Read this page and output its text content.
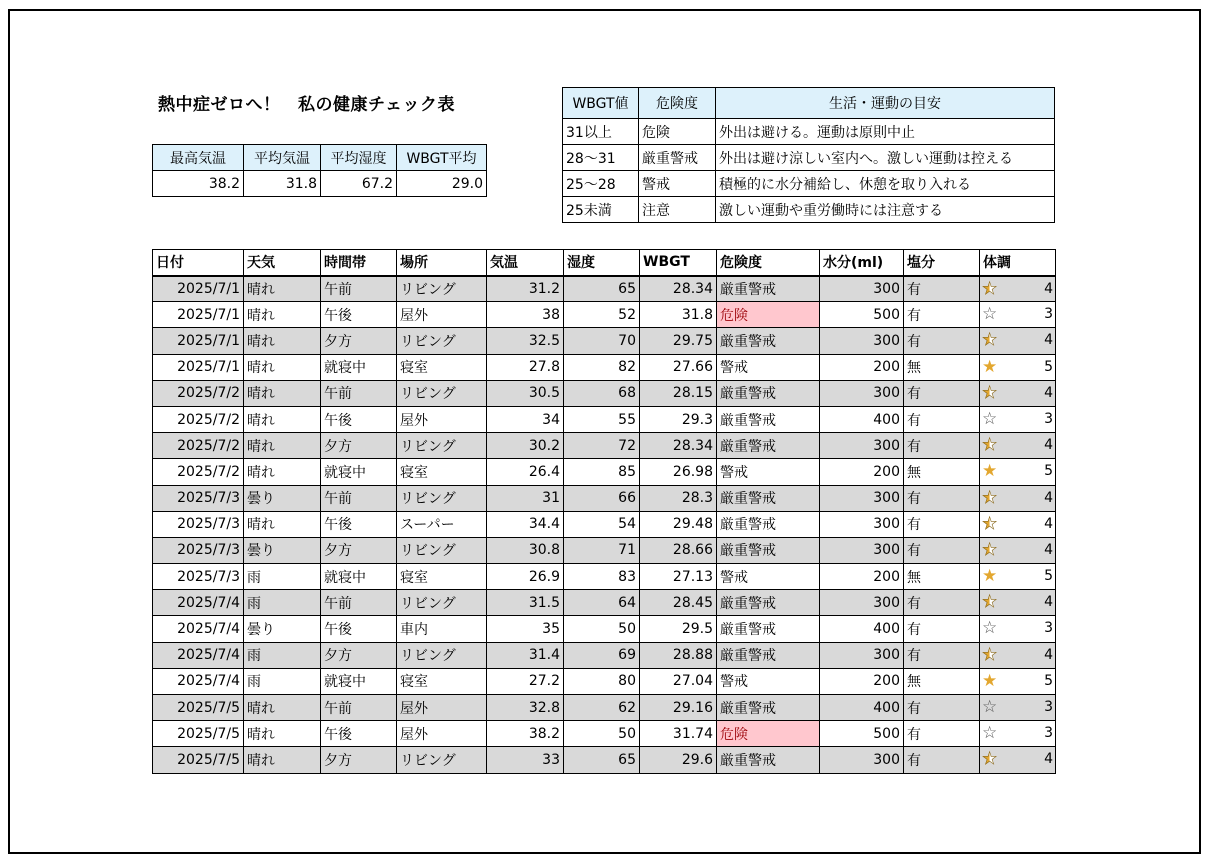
熱中症ゼロへ！　私の健康チェック表
最高気温	平均気温	平均湿度	WBGT平均
38.2	31.8	67.2	29.0
WBGT値	危険度	生活・運動の目安
31以上	危険	外出は避ける。運動は原則中止
28～31	厳重警戒	外出は避け涼しい室内へ。激しい運動は控える
25～28	警戒	積極的に水分補給し、休憩を取り入れる
25未満	注意	激しい運動や重労働時には注意する
日付	天気	時間帯	場所	気温	湿度	WBGT	危険度	水分(ml)	塩分	体調
2025/7/1	晴れ	午前	リビング	31.2	65	28.34	厳重警戒	300	有	★ 4

2025/7/1	晴れ	午後	屋外	38	52	31.8	危険	500	有	☆ 3

2025/7/1	晴れ	夕方	リビング	32.5	70	29.75	厳重警戒	300	有	★ 4

2025/7/1	晴れ	就寝中	寝室	27.8	82	27.66	警戒	200	無	★ 5

2025/7/2	晴れ	午前	リビング	30.5	68	28.15	厳重警戒	300	有	★ 4

2025/7/2	晴れ	午後	屋外	34	55	29.3	厳重警戒	400	有	☆ 3

2025/7/2	晴れ	夕方	リビング	30.2	72	28.34	厳重警戒	300	有	★ 4

2025/7/2	晴れ	就寝中	寝室	26.4	85	26.98	警戒	200	無	★ 5

2025/7/3	曇り	午前	リビング	31	66	28.3	厳重警戒	300	有	★ 4

2025/7/3	晴れ	午後	スーパー	34.4	54	29.48	厳重警戒	300	有	★ 4

2025/7/3	曇り	夕方	リビング	30.8	71	28.66	厳重警戒	300	有	★ 4

2025/7/3	雨	就寝中	寝室	26.9	83	27.13	警戒	200	無	★ 5

2025/7/4	雨	午前	リビング	31.5	64	28.45	厳重警戒	300	有	★ 4

2025/7/4	曇り	午後	車内	35	50	29.5	厳重警戒	400	有	☆ 3

2025/7/4	雨	夕方	リビング	31.4	69	28.88	厳重警戒	300	有	★ 4

2025/7/4	雨	就寝中	寝室	27.2	80	27.04	警戒	200	無	★ 5

2025/7/5	晴れ	午前	屋外	32.8	62	29.16	厳重警戒	400	有	☆ 3

2025/7/5	晴れ	午後	屋外	38.2	50	31.74	危険	500	有	☆ 3

2025/7/5	晴れ	夕方	リビング	33	65	29.6	厳重警戒	300	有	★ 4
